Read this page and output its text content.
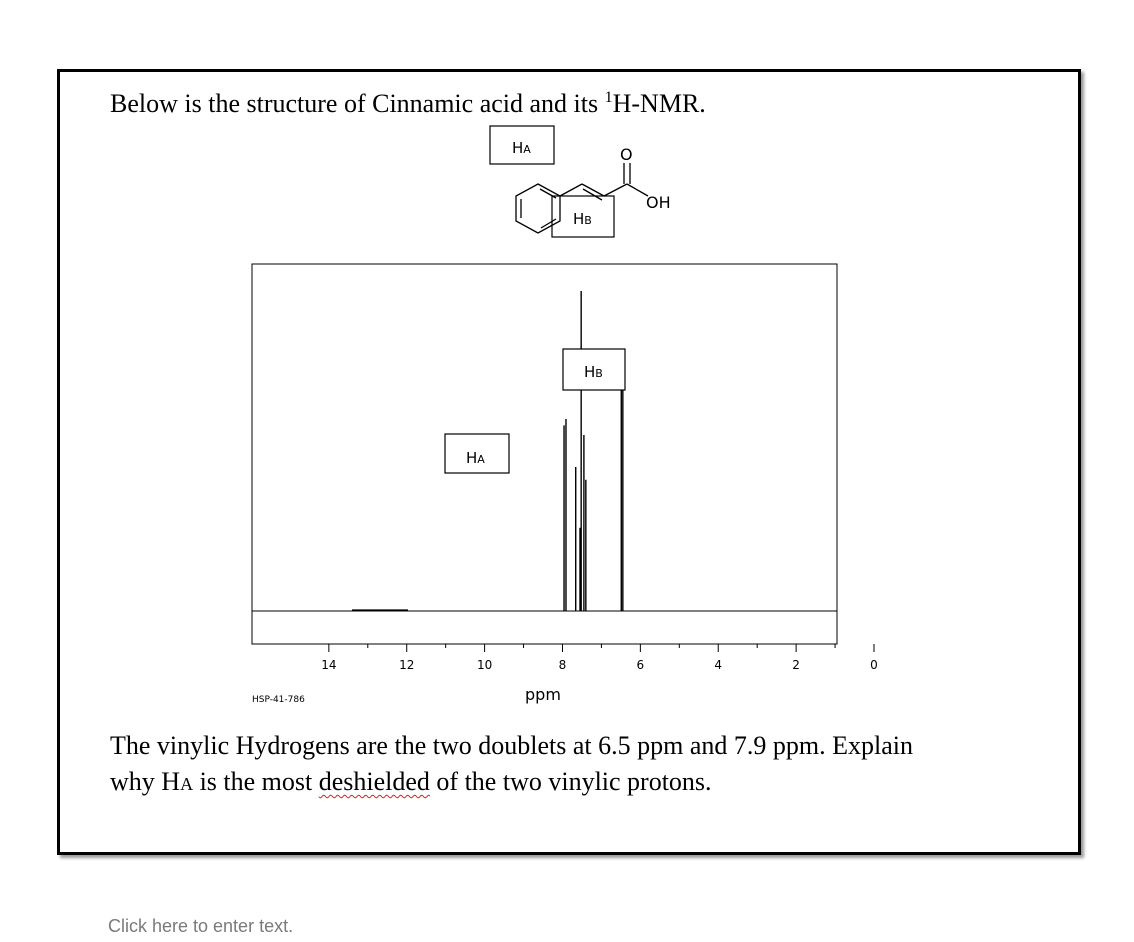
Below is the structure of Cinnamic acid and its $^1$H-NMR.
HA
HB
O
OH
14	12	10	8	6	4	2	0
HA
HB
ppm
HSP-41-786
The vinylic Hydrogens are the two doublets at 6.5 ppm and 7.9 ppm. Explain
why HA is the most deshielded of the two vinylic protons.
Click here to enter text.
